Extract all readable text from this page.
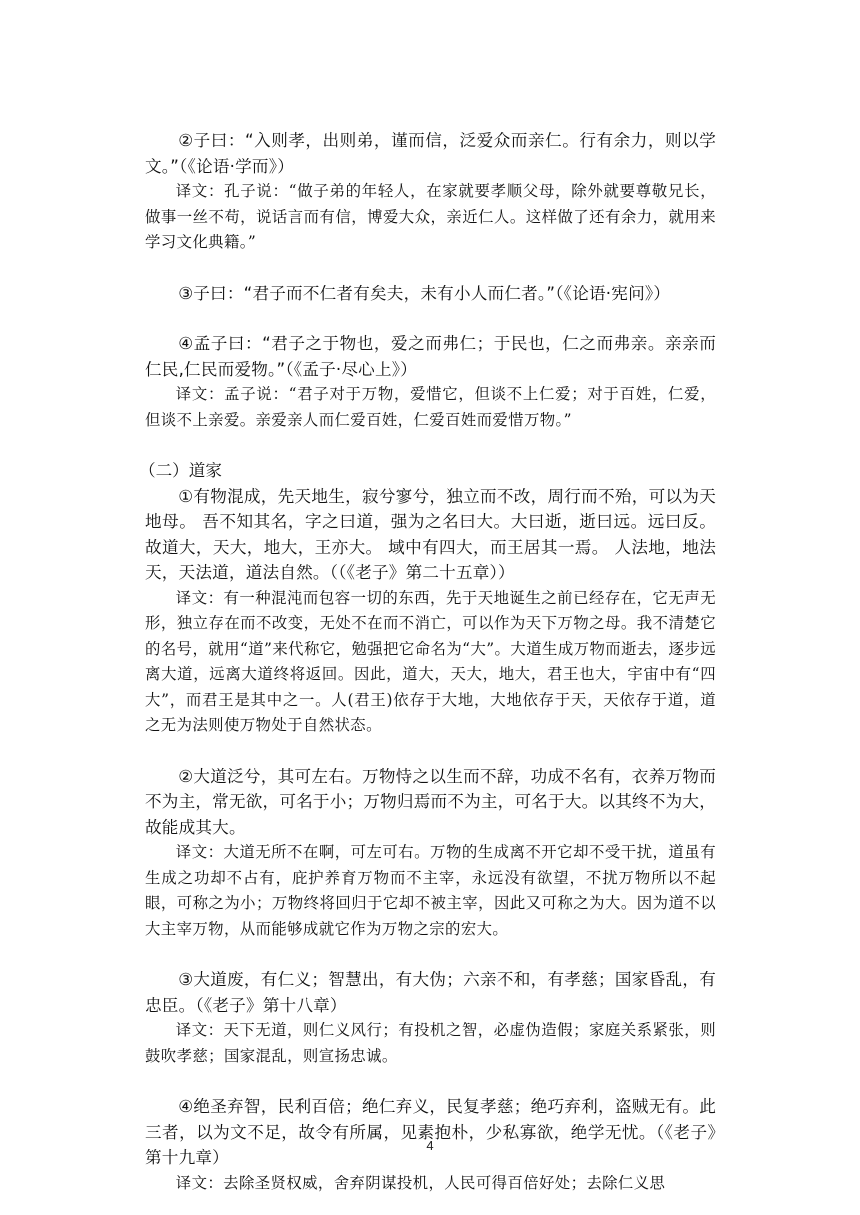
②子曰：“入则孝，出则弟，谨而信，泛爱众而亲仁。行有余力，则以学文。”（《论语·学而》）

译文：孔子说：“做子弟的年轻人，在家就要孝顺父母，除外就要尊敬兄长，做事一丝不苟，说话言而有信，博爱大众，亲近仁人。这样做了还有余力，就用来学习文化典籍。”

③子曰：“君子而不仁者有矣夫，未有小人而仁者。”（《论语·宪问》）

④孟子曰：“君子之于物也，爱之而弗仁；于民也，仁之而弗亲。亲亲而仁民,仁民而爱物。”（《孟子·尽心上》）

译文：孟子说：“君子对于万物，爱惜它，但谈不上仁爱；对于百姓，仁爱，但谈不上亲爱。亲爱亲人而仁爱百姓，仁爱百姓而爱惜万物。”

（二）道家

①有物混成，先天地生，寂兮寥兮，独立而不改，周行而不殆，可以为天地母。 吾不知其名，字之曰道，强为之名曰大。大曰逝，逝曰远。远曰反。故道大，天大，地大，王亦大。 域中有四大，而王居其一焉。 人法地，地法天，天法道，道法自然。（（《老子》第二十五章））

译文：有一种混沌而包容一切的东西，先于天地诞生之前已经存在，它无声无形，独立存在而不改变，无处不在而不消亡，可以作为天下万物之母。我不清楚它的名号，就用“道”来代称它，勉强把它命名为“大”。大道生成万物而逝去，逐步远离大道，远离大道终将返回。因此，道大，天大，地大，君王也大，宇宙中有“四大”，而君王是其中之一。人(君王)依存于大地，大地依存于天，天依存于道，道之无为法则使万物处于自然状态。

②大道泛兮，其可左右。万物恃之以生而不辞，功成不名有，衣养万物而不为主，常无欲，可名于小；万物归焉而不为主，可名于大。以其终不为大，故能成其大。

译文：大道无所不在啊，可左可右。万物的生成离不开它却不受干扰，道虽有生成之功却不占有，庇护养育万物而不主宰，永远没有欲望，不扰万物所以不起眼，可称之为小；万物终将回归于它却不被主宰，因此又可称之为大。因为道不以大主宰万物，从而能够成就它作为万物之宗的宏大。

③大道废，有仁义；智慧出，有大伪；六亲不和，有孝慈；国家昏乱，有忠臣。（《老子》第十八章）

译文：天下无道，则仁义风行；有投机之智，必虚伪造假；家庭关系紧张，则鼓吹孝慈；国家混乱，则宣扬忠诚。

④绝圣弃智，民利百倍；绝仁弃义，民复孝慈；绝巧弃利，盗贼无有。此三者，以为文不足，故令有所属，见素抱朴，少私寡欲，绝学无忧。（《老子》第十九章）

译文：去除圣贤权威，舍弃阴谋投机，人民可得百倍好处；去除仁义思

4
